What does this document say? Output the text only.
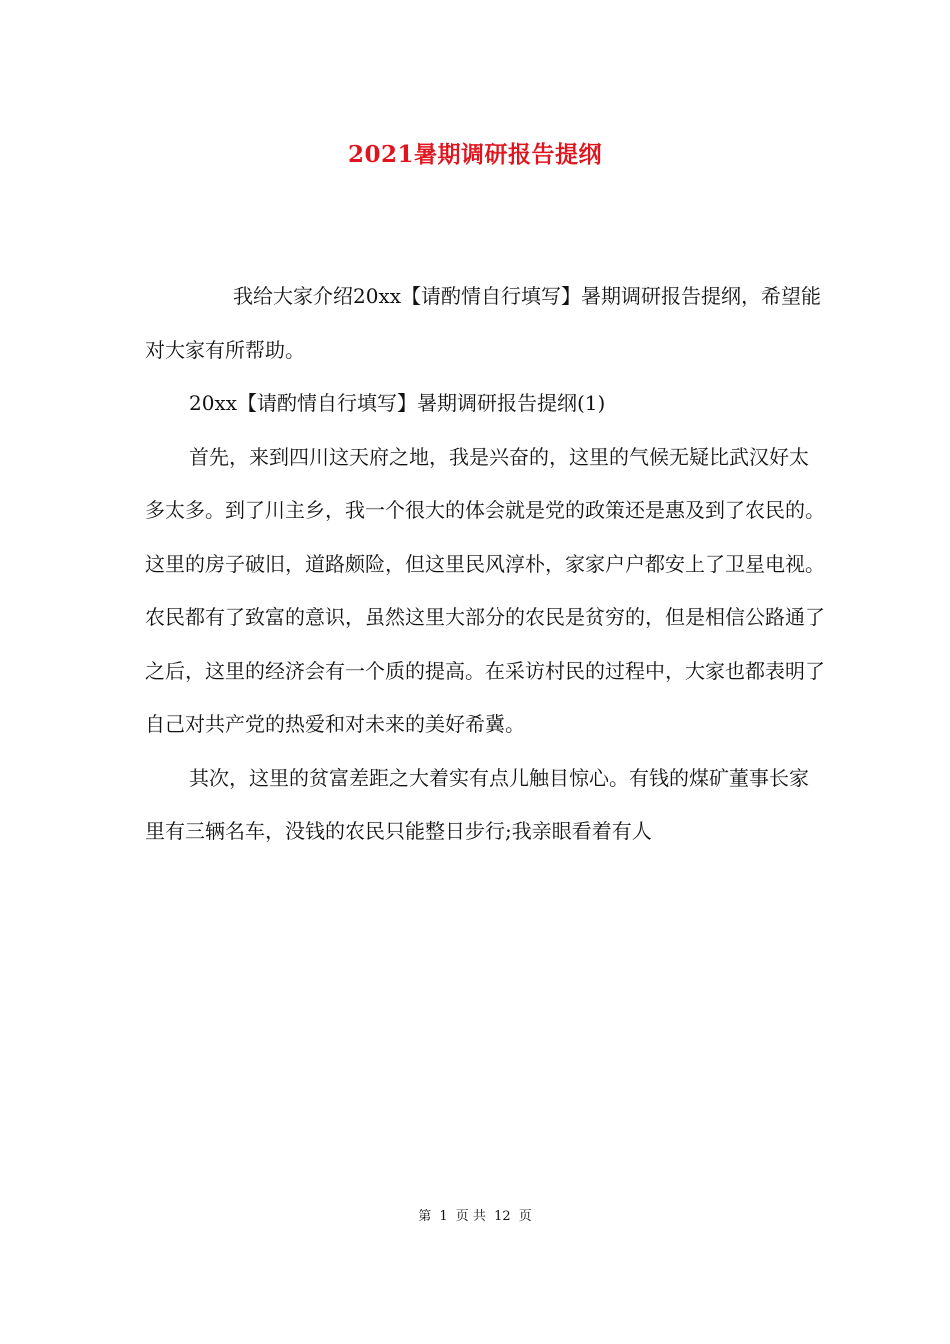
2021暑期调研报告提纲

我给大家介绍20xx【请酌情自行填写】暑期调研报告提纲，希望能对大家有所帮助。

20xx【请酌情自行填写】暑期调研报告提纲(1)

首先，来到四川这天府之地，我是兴奋的，这里的气候无疑比武汉好太多太多。到了川主乡，我一个很大的体会就是党的政策还是惠及到了农民的。这里的房子破旧，道路颇险，但这里民风淳朴，家家户户都安上了卫星电视。农民都有了致富的意识，虽然这里大部分的农民是贫穷的，但是相信公路通了之后，这里的经济会有一个质的提高。在采访村民的过程中，大家也都表明了自己对共产党的热爱和对未来的美好希冀。

其次，这里的贫富差距之大着实有点儿触目惊心。有钱的煤矿董事长家里有三辆名车，没钱的农民只能整日步行;我亲眼看着有人

第 1 页 共 12 页
